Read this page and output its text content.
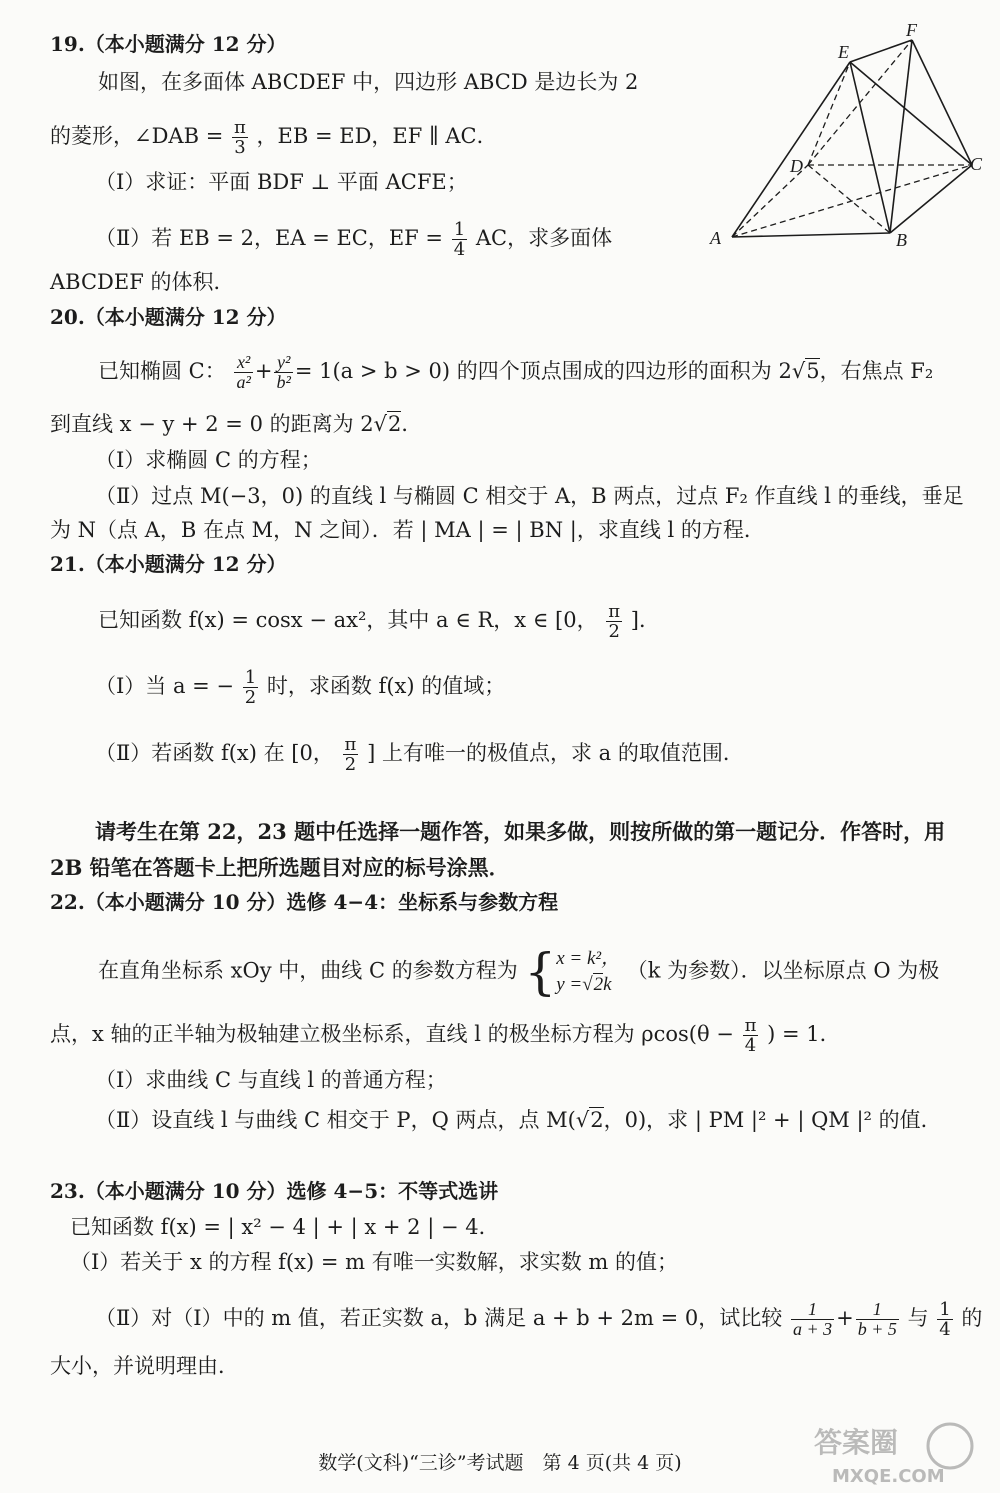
19.（本小题满分 12 分）
如图，在多面体 ABCDEF 中，四边形 ABCD 是边长为 2
的菱形，∠DAB = $\frac{\pi}{3}$ ，EB = ED，EF ∥ AC．
（Ⅰ）求证：平面 BDF ⊥ 平面 ACFE；
（Ⅱ）若 EB = 2，EA = EC，EF = $\frac{1}{4}$ AC，求多面体
ABCDEF 的体积．
A	B
C
D
E
F
20.（本小题满分 12 分）
已知椭圆 C： $\frac{\text{x²}}{\text{a²}} + \frac{\text{y²}}{\text{b²}} = 1(a > b > 0)$ 的四个顶点围成的四边形的面积为 2√5，右焦点 F₂
到直线 x − y + 2 = 0 的距离为 2√2．
（Ⅰ）求椭圆 C 的方程；
（Ⅱ）过点 M(−3，0) 的直线 l 与椭圆 C 相交于 A，B 两点，过点 F₂ 作直线 l 的垂线，垂足
为 N（点 A，B 在点 M，N 之间）．若 | MA | = | BN |，求直线 l 的方程．
21.（本小题满分 12 分）
已知函数 f(x) = cosx − ax²，其中 a ∈ R，x ∈ [0， $\frac{\pi}{2}$ ]．
（Ⅰ）当 a = − $\frac{1}{2}$ 时，求函数 f(x) 的值域；
（Ⅱ）若函数 f(x) 在 [0， $\frac{\pi}{2}$ ] 上有唯一的极值点，求 a 的取值范围．
请考生在第 22，23 题中任选择一题作答，如果多做，则按所做的第一题记分．作答时，用
2B 铅笔在答题卡上把所选题目对应的标号涂黑．
22.（本小题满分 10 分）选修 4−4：坐标系与参数方程
在直角坐标系 xOy 中，曲线 C 的参数方程为 { x = k²，
y =√2k
（k 为参数）．以坐标原点 O 为极
点，x 轴的正半轴为极轴建立极坐标系，直线 l 的极坐标方程为 $\rho\cos(\theta - \frac{\pi}{4}$ ) = 1．
（Ⅰ）求曲线 C 与直线 l 的普通方程；
（Ⅱ）设直线 l 与曲线 C 相交于 P，Q 两点，点 M(√2，0)，求 | PM |² + | QM |² 的值．
23.（本小题满分 10 分）选修 4−5：不等式选讲
已知函数 f(x) = | x² − 4 | + | x + 2 | − 4．
（Ⅰ）若关于 x 的方程 f(x) = m 有唯一实数解，求实数 m 的值；
（Ⅱ）对（Ⅰ）中的 m 值，若正实数 a，b 满足 a + b + 2m = 0，试比较 $\frac{1}{a + 3} + \frac{1}{b + 5}$ 与 $\frac{1}{4}$ 的
大小，并说明理由．
数学(文科)“三诊”考试题　第 4 页(共 4 页)
答案圈
MXQE.COM
